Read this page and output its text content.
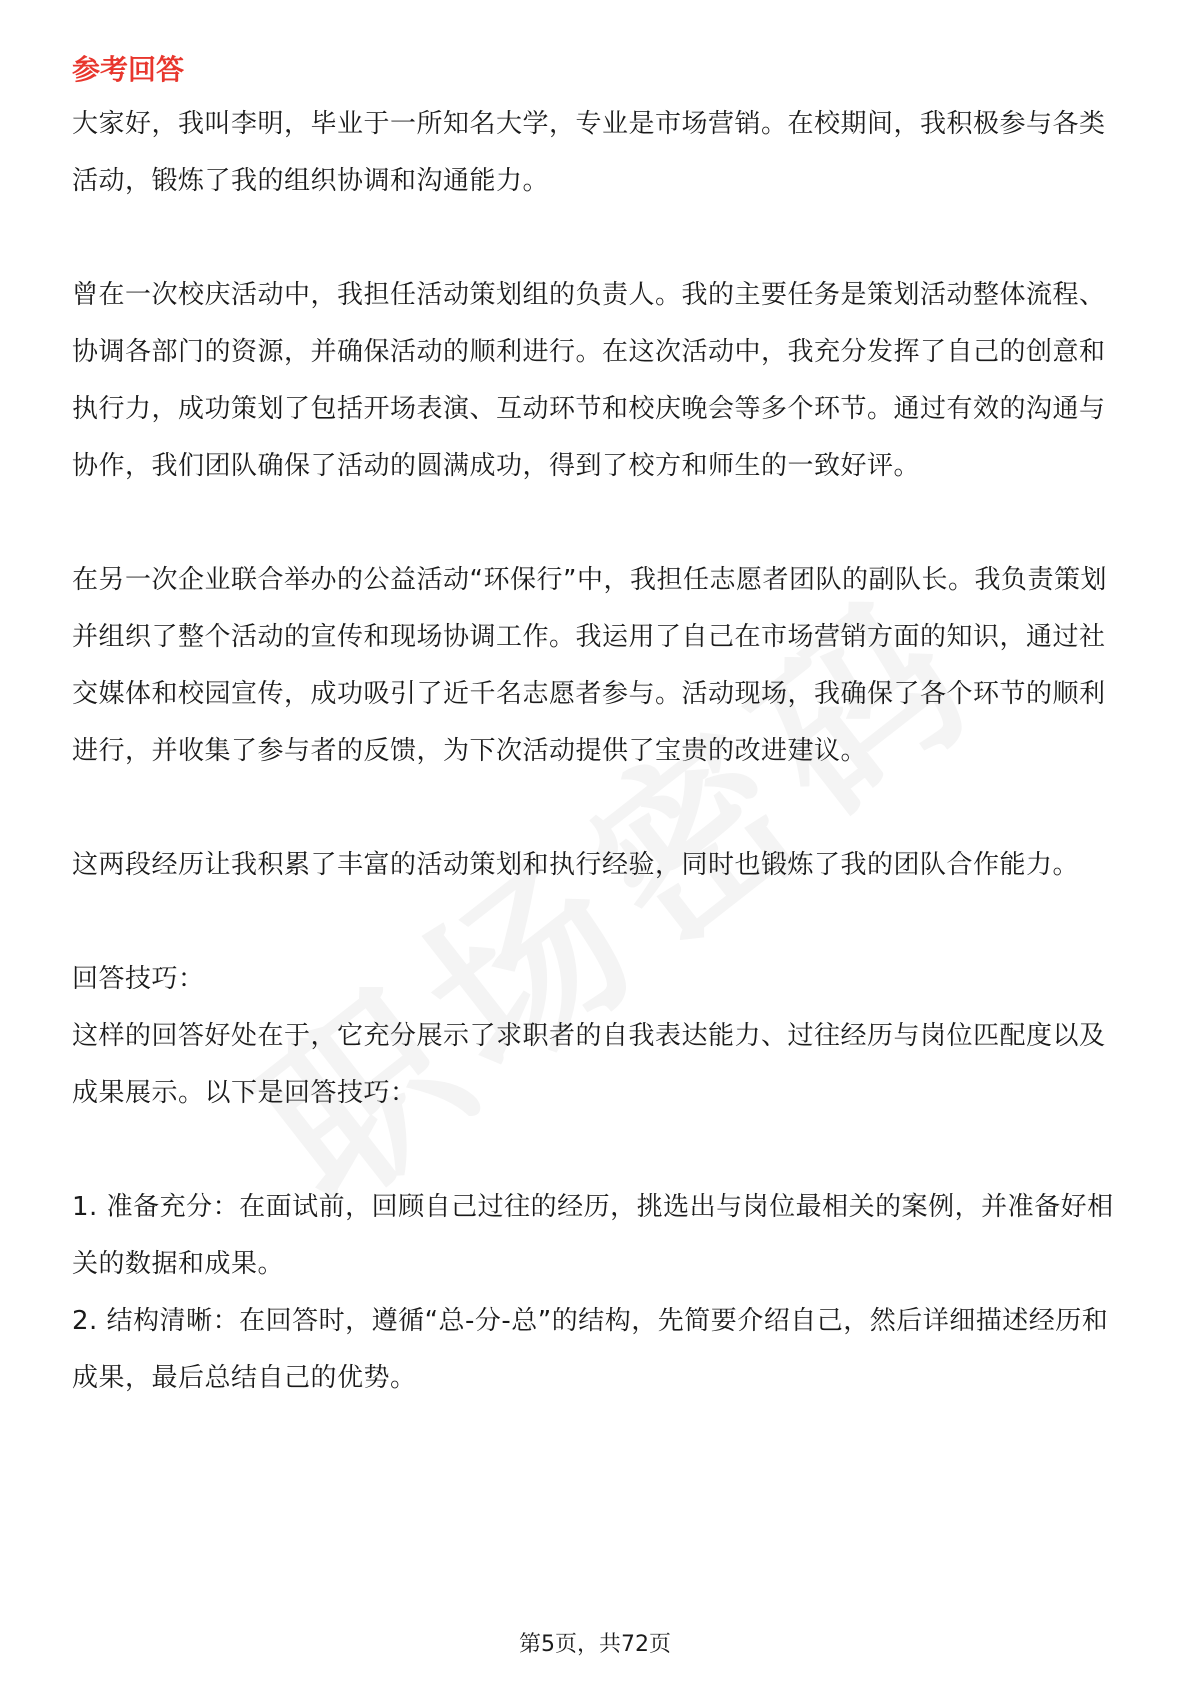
参考回答

大家好，我叫李明，毕业于一所知名大学，专业是市场营销。在校期间，我积极参与各类活动，锻炼了我的组织协调和沟通能力。

曾在一次校庆活动中，我担任活动策划组的负责人。我的主要任务是策划活动整体流程、协调各部门的资源，并确保活动的顺利进行。在这次活动中，我充分发挥了自己的创意和执行力，成功策划了包括开场表演、互动环节和校庆晚会等多个环节。通过有效的沟通与协作，我们团队确保了活动的圆满成功，得到了校方和师生的一致好评。

在另一次企业联合举办的公益活动“环保行”中，我担任志愿者团队的副队长。我负责策划并组织了整个活动的宣传和现场协调工作。我运用了自己在市场营销方面的知识，通过社交媒体和校园宣传，成功吸引了近千名志愿者参与。活动现场，我确保了各个环节的顺利进行，并收集了参与者的反馈，为下次活动提供了宝贵的改进建议。

这两段经历让我积累了丰富的活动策划和执行经验，同时也锻炼了我的团队合作能力。

回答技巧：

这样的回答好处在于，它充分展示了求职者的自我表达能力、过往经历与岗位匹配度以及成果展示。以下是回答技巧：

1. 准备充分：在面试前，回顾自己过往的经历，挑选出与岗位最相关的案例，并准备好相关的数据和成果。

2. 结构清晰：在回答时，遵循“总-分-总”的结构，先简要介绍自己，然后详细描述经历和成果，最后总结自己的优势。

第5页，共72页
